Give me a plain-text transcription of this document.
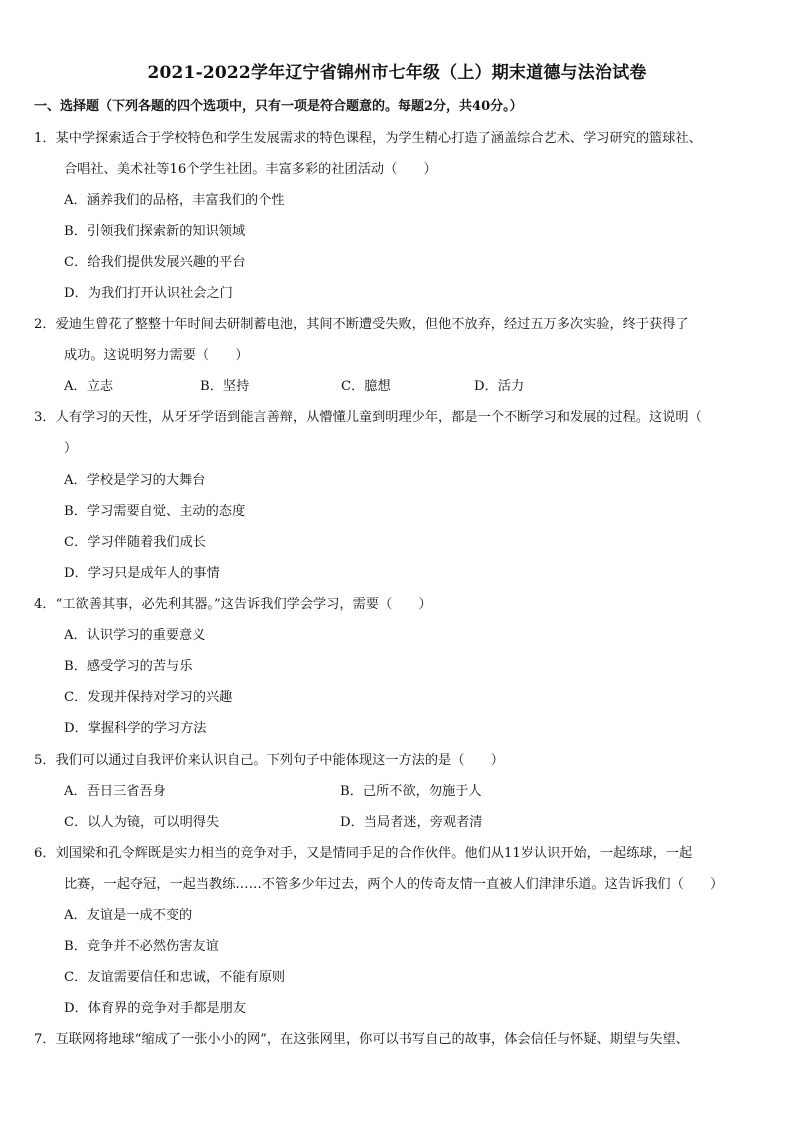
2021-2022学年辽宁省锦州市七年级（上）期末道德与法治试卷
一、选择题（下列各题的四个选项中，只有一项是符合题意的。每题2分，共40分。）
1．某中学探索适合于学校特色和学生发展需求的特色课程，为学生精心打造了涵盖综合艺术、学习研究的篮球社、
合唱社、美术社等16个学生社团。丰富多彩的社团活动（　　）
A．涵养我们的品格，丰富我们的个性
B．引领我们探索新的知识领域
C．给我们提供发展兴趣的平台
D．为我们打开认识社会之门
2．爱迪生曾花了整整十年时间去研制蓄电池，其间不断遭受失败，但他不放弃，经过五万多次实验，终于获得了
成功。这说明努力需要（　　）
A．立志	B．坚持	C．臆想	D．活力
3．人有学习的天性，从牙牙学语到能言善辩，从懵懂儿童到明理少年，都是一个不断学习和发展的过程。这说明（
）
A．学校是学习的大舞台
B．学习需要自觉、主动的态度
C．学习伴随着我们成长
D．学习只是成年人的事情
4．“工欲善其事，必先利其器。”这告诉我们学会学习，需要（　　）
A．认识学习的重要意义
B．感受学习的苦与乐
C．发现并保持对学习的兴趣
D．掌握科学的学习方法
5．我们可以通过自我评价来认识自己。下列句子中能体现这一方法的是（　　）
A．吾日三省吾身	B．己所不欲，勿施于人
C．以人为镜，可以明得失	D．当局者迷，旁观者清
6．刘国梁和孔令辉既是实力相当的竞争对手，又是情同手足的合作伙伴。他们从11岁认识开始，一起练球，一起
比赛，一起夺冠，一起当教练……不管多少年过去，两个人的传奇友情一直被人们津津乐道。这告诉我们（　　）
A．友谊是一成不变的
B．竞争并不必然伤害友谊
C．友谊需要信任和忠诚，不能有原则
D．体育界的竞争对手都是朋友
7．互联网将地球“缩成了一张小小的网”，在这张网里，你可以书写自己的故事，体会信任与怀疑、期望与失望、
